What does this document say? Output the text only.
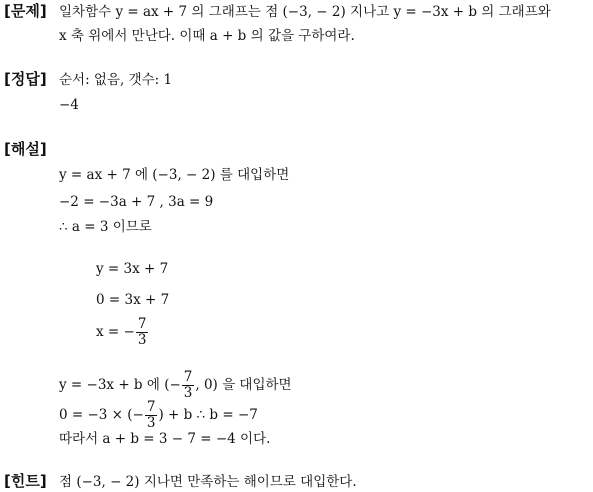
[문제] 일차함수 y = ax + 7 의 그래프는 점 (−3, − 2) 지나고 y = −3x + b 의 그래프와
x 축 위에서 만난다. 이때 a + b 의 값을 구하여라.
[정답] 순서: 없음, 갯수: 1
−4
[해설]
y = ax + 7 에 (−3, − 2) 를 대입하면
−2 = −3a + 7 , 3a = 9
∴ a = 3 이므로
y = 3x + 7
0 = 3x + 7
x = − $\frac{7}{3}$
y = −3x + b 에 (− $\frac{7}{3}$ , 0) 을 대입하면
0 = −3 × (− $\frac{7}{3}$ ) + b ∴ b = −7
따라서 a + b = 3 − 7 = −4 이다.
[힌트] 점 (−3, − 2) 지나면 만족하는 해이므로 대입한다.
